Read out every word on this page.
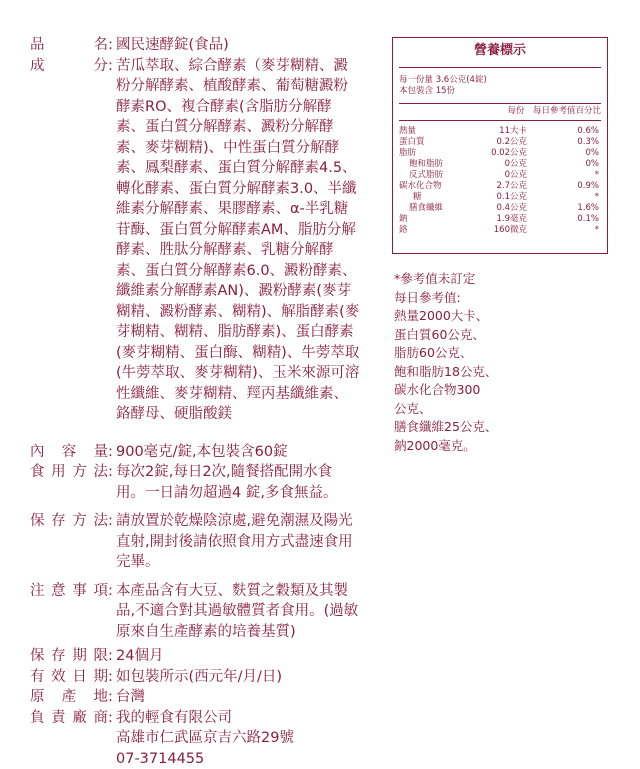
品	名 : 國民速酵錠(食品)
成	分 : 苦瓜萃取、綜合酵素（麥芽糊精、澱粉分解酵素、植酸酵素、葡萄糖澱粉酵素RO、複合酵素(含脂肪分解酵素、蛋白質分解酵素、澱粉分解酵素、麥芽糊精)、中性蛋白質分解酵素、鳳梨酵素、蛋白質分解酵素4.5、轉化酵素、蛋白質分解酵素3.0、半纖維素分解酵素、果膠酵素、α-半乳糖苷酶、蛋白質分解酵素AM、脂肪分解酵素、胜肽分解酵素、乳糖分解酵素、蛋白質分解酵素6.0、澱粉酵素、纖維素分解酵素AN)、澱粉酵素(麥芽糊精、澱粉酵素、糊精)、解脂酵素(麥芽糊精、糊精、脂肪酵素)、蛋白酵素(麥芽糊精、蛋白酶、糊精)、牛蒡萃取(牛蒡萃取、麥芽糊精)、玉米來源可溶性纖維、麥芽糊精、羥丙基纖維素、鉻酵母、硬脂酸鎂
內 容 量 : 900毫克/錠,本包裝含60錠
食 用 方 法 : 每次2錠,每日2次,隨餐搭配開水食用。一日請勿超過4 錠,多食無益。
保 存 方 法 : 請放置於乾燥陰涼處,避免潮濕及陽光直射,開封後請依照食用方式盡速食用完畢。
注 意 事 項 : 本產品含有大豆、麩質之穀類及其製品,不適合對其過敏體質者食用。(過敏原來自生產酵素的培養基質)
保 存 期 限 : 24個月
有 效 日 期 : 如包裝所示(西元年/月/日)
原 產 地 : 台灣
負 責 廠 商 : 我的輕食有限公司
高雄市仁武區京吉六路29號
07-3714455
營養標示
每一份量 3.6公克(4錠)
本包裝含 15份
每份 每日參考值百分比
熱量	11大卡	0.6%
蛋白質	0.2公克	0.3%
脂肪	0.02公克	0%
飽和脂肪	0公克	0%
反式脂肪	0公克	*
碳水化合物	2.7公克	0.9%
糖	0.1公克	*
膳食纖維	0.4公克	1.6%
鈉	1.9毫克	0.1%
鉻	160微克	*
*參考值未訂定
每日參考值:
熱量2000大卡、
蛋白質60公克、
脂肪60公克、
飽和脂肪18公克、
碳水化合物300公克、
膳食纖維25公克、
鈉2000毫克。
